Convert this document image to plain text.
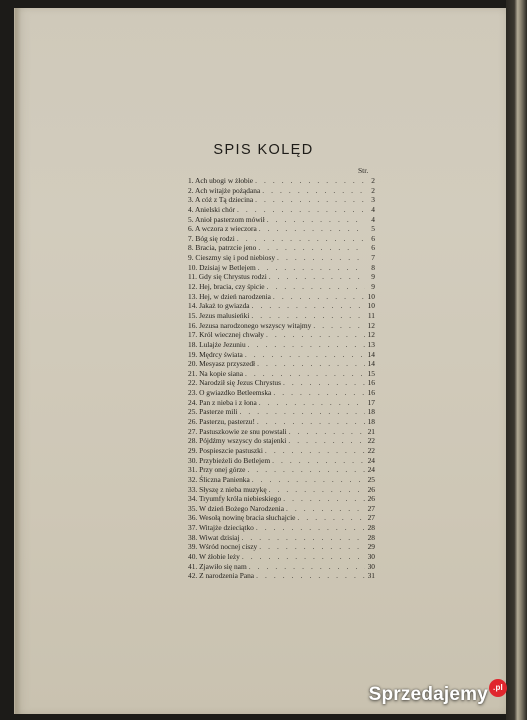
SPIS KOLĘD
Str.
1. Ach ubogi w żłobie . . .	2
2. Ach witajże pożądana . . .	2
3. A cóż z Tą dziecina . . .	3
4. Anielski chór . . .	4
5. Anioł pasterzom mówił . . .	4
6. A wczora z wieczora . . .	5
7. Bóg się rodzi . . .	6
8. Bracia, patrzcie jeno . . .	6
9. Cieszmy się i pod niebiosy . . .	7
10. Dzisiaj w Betlejem . . .	8
11. Gdy się Chrystus rodzi . . .	9
12. Hej, bracia, czy śpicie . . .	9
13. Hej, w dzień narodzenia . . .	10
14. Jakaż to gwiazda . . .	10
15. Jezus malusieńki . . .	11
16. Jezusa narodzonego wszyscy witajmy . . .	12
17. Król wiecznej chwały . . .	12
18. Lulajże Jezuniu . . .	13
19. Mędrcy świata . . .	14
20. Mesyasz przyszedł . . .	14
21. Na kopie siana . . .	15
22. Narodził się Jezus Chrystus . . .	16
23. O gwiazdko Betleemska . . .	16
24. Pan z nieba i z łona . . .	17
25. Pasterze mili . . .	18
26. Pasterzu, pasterzu! . . .	18
27. Pastuszkowie ze snu powstali . . .	21
28. Pójdźmy wszyscy do stajenki . . .	22
29. Pospieszcie pastuszki . . .	22
30. Przybieżeli do Betlejem . . .	24
31. Przy onej górze . . .	24
32. Śliczna Panienka . . .	25
33. Słyszę z nieba muzykę . . .	26
34. Tryumfy króla niebieskiego . . .	26
35. W dzień Bożego Narodzenia . . .	27
36. Wesołą nowinę bracia słuchajcie . . .	27
37. Witajże dzieciątko . . .	28
38. Wiwat dzisiaj . . .	28
39. Wśród nocnej ciszy . . .	29
40. W żłobie leży . . .	30
41. Zjawiło się nam . . .	30
42. Z narodzenia Pana . . .	31
Sprzedajemy .pl
